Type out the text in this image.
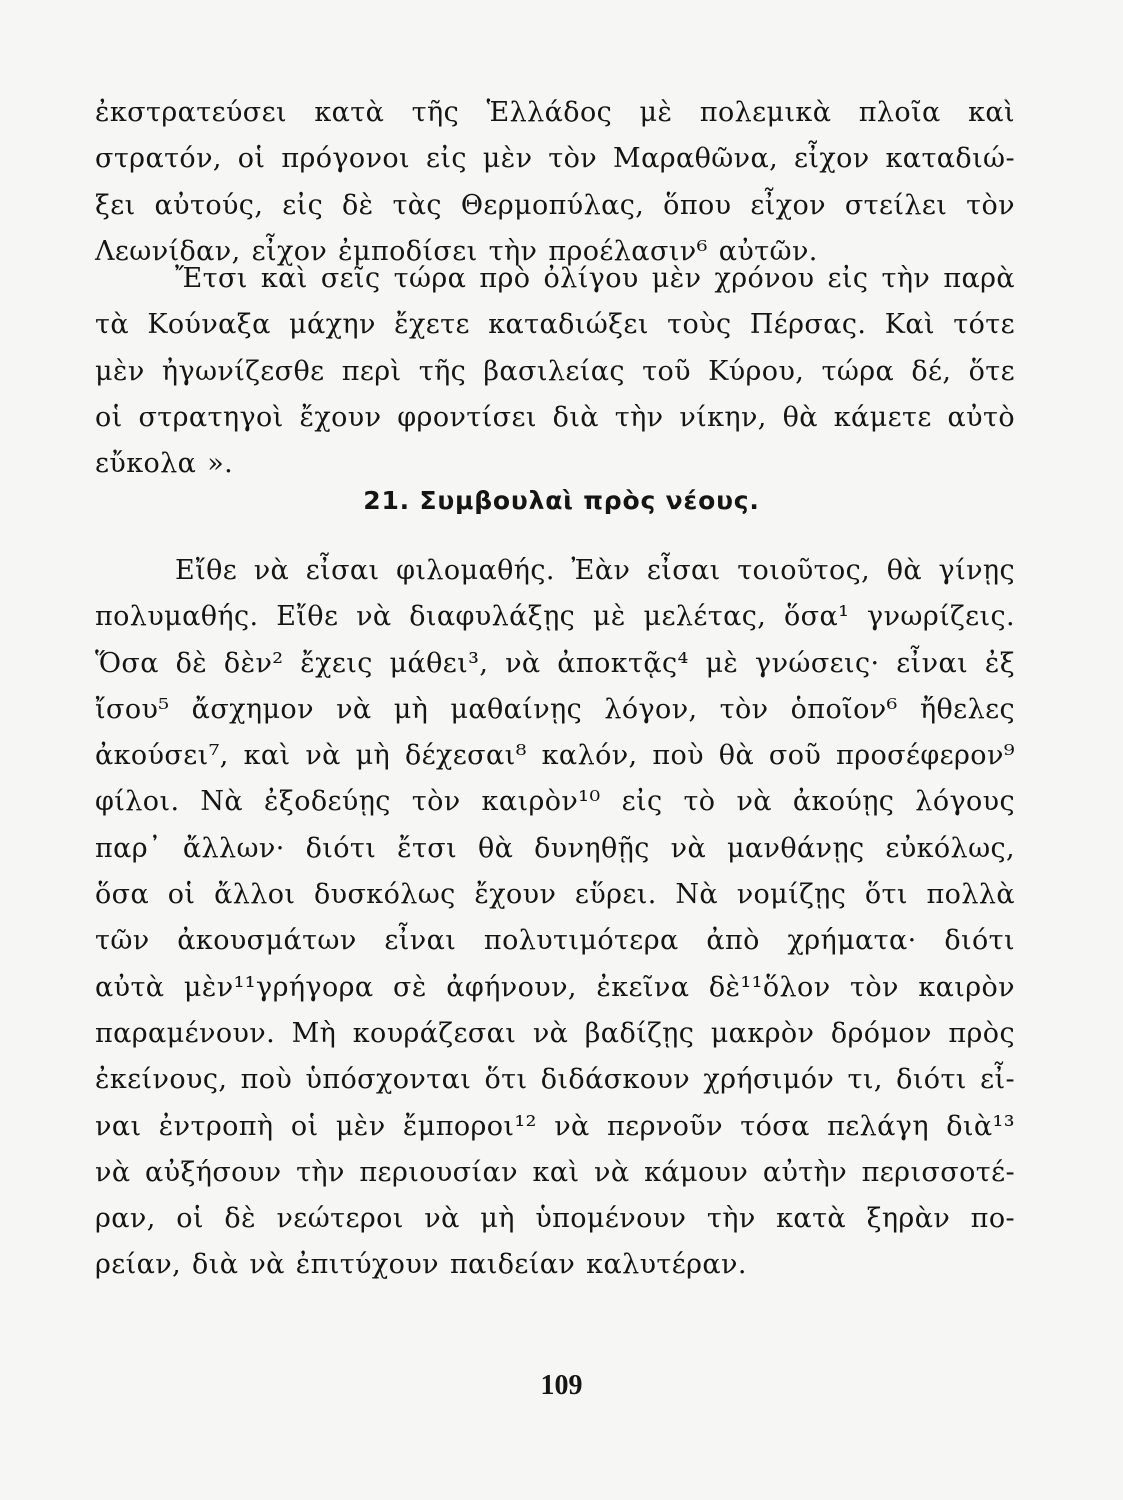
ἐκστρατεύσει κατὰ τῆς Ἑλλάδος μὲ πολεμικὰ πλοῖα καὶ
στρατόν, οἱ πρόγονοι εἰς μὲν τὸν Μαραθῶνα, εἶχον καταδιώ-
ξει αὐτούς, εἰς δὲ τὰς Θερμοπύλας, ὅπου εἶχον στείλει τὸν
Λεωνίδαν, εἶχον ἐμποδίσει τὴν προέλασιν⁶ αὐτῶν.
Ἔτσι καὶ σεῖς τώρα πρὸ ὀλίγου μὲν χρόνου εἰς τὴν παρὰ
τὰ Κούναξα μάχην ἔχετε καταδιώξει τοὺς Πέρσας. Καὶ τότε
μὲν ἠγωνίζεσθε περὶ τῆς βασιλείας τοῦ Κύρου, τώρα δέ, ὅτε
οἱ στρατηγοὶ ἔχουν φροντίσει διὰ τὴν νίκην, θὰ κάμετε αὐτὸ
εὔκολα ».
21. Συμβουλαὶ πρὸς νέους.
Εἴθε νὰ εἶσαι φιλομαθής. Ἐὰν εἶσαι τοιοῦτος, θὰ γίνῃς
πολυμαθής. Εἴθε νὰ διαφυλάξῃς μὲ μελέτας, ὅσα¹ γνωρίζεις.
Ὅσα δὲ δὲν² ἔχεις μάθει³, νὰ ἀποκτᾷς⁴ μὲ γνώσεις· εἶναι ἐξ
ἴσου⁵ ἄσχημον νὰ μὴ μαθαίνῃς λόγον, τὸν ὁποῖον⁶ ἤθελες
ἀκούσει⁷, καὶ νὰ μὴ δέχεσαι⁸ καλόν, ποὺ θὰ σοῦ προσέφερον⁹
φίλοι. Νὰ ἐξοδεύῃς τὸν καιρὸν¹⁰ εἰς τὸ νὰ ἀκούῃς λόγους
παρ᾽ ἄλλων· διότι ἔτσι θὰ δυνηθῇς νὰ μανθάνῃς εὐκόλως,
ὅσα οἱ ἄλλοι δυσκόλως ἔχουν εὕρει. Νὰ νομίζῃς ὅτι πολλὰ
τῶν ἀκουσμάτων εἶναι πολυτιμότερα ἀπὸ χρήματα· διότι
αὐτὰ μὲν¹¹γρήγορα σὲ ἀφήνουν, ἐκεῖνα δὲ¹¹ὅλον τὸν καιρὸν
παραμένουν. Μὴ κουράζεσαι νὰ βαδίζῃς μακρὸν δρόμον πρὸς
ἐκείνους, ποὺ ὑπόσχονται ὅτι διδάσκουν χρήσιμόν τι, διότι εἶ-
ναι ἐντροπὴ οἱ μὲν ἔμποροι¹² νὰ περνοῦν τόσα πελάγη διὰ¹³
νὰ αὐξήσουν τὴν περιουσίαν καὶ νὰ κάμουν αὐτὴν περισσοτέ-
ραν, οἱ δὲ νεώτεροι νὰ μὴ ὑπομένουν τὴν κατὰ ξηρὰν πο-
ρείαν, διὰ νὰ ἐπιτύχουν παιδείαν καλυτέραν.
109
